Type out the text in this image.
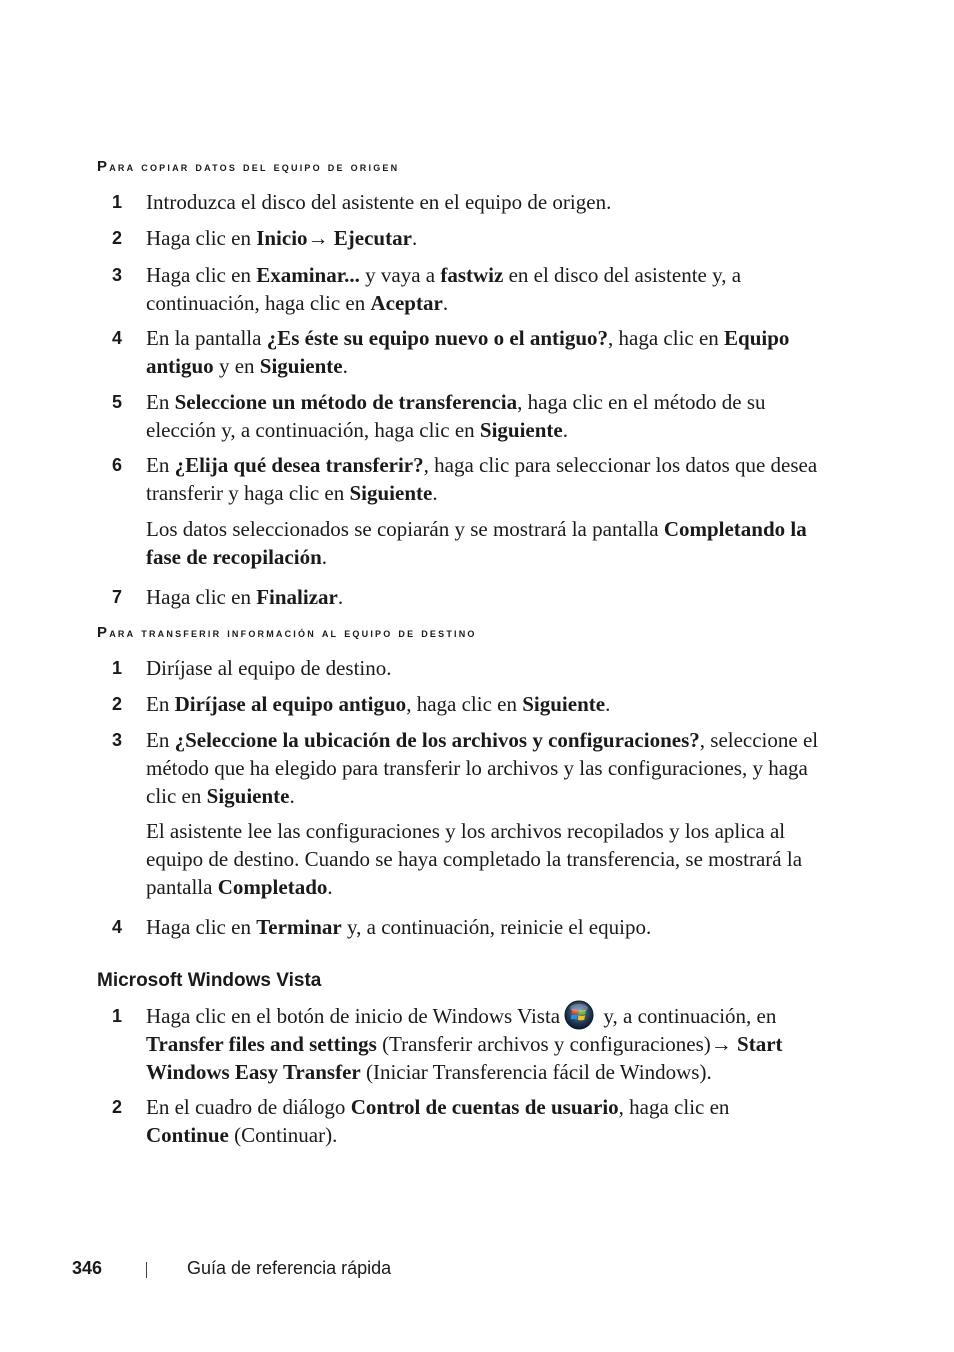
Para copiar datos del equipo de origen
1 Introduzca el disco del asistente en el equipo de origen.
2 Haga clic en Inicio→ Ejecutar.
3 Haga clic en Examinar... y vaya a fastwiz en el disco del asistente y, a continuación, haga clic en Aceptar.
4 En la pantalla ¿Es éste su equipo nuevo o el antiguo?, haga clic en Equipo antiguo y en Siguiente.
5 En Seleccione un método de transferencia, haga clic en el método de su elección y, a continuación, haga clic en Siguiente.
6 En ¿Elija qué desea transferir?, haga clic para seleccionar los datos que desea transferir y haga clic en Siguiente.
Los datos seleccionados se copiarán y se mostrará la pantalla Completando la fase de recopilación.
7 Haga clic en Finalizar.
Para transferir información al equipo de destino
1 Diríjase al equipo de destino.
2 En Diríjase al equipo antiguo, haga clic en Siguiente.
3 En ¿Seleccione la ubicación de los archivos y configuraciones?, seleccione el método que ha elegido para transferir lo archivos y las configuraciones, y haga clic en Siguiente.
El asistente lee las configuraciones y los archivos recopilados y los aplica al equipo de destino. Cuando se haya completado la transferencia, se mostrará la pantalla Completado.
4 Haga clic en Terminar y, a continuación, reinicie el equipo.
Microsoft Windows Vista
1 Haga clic en el botón de inicio de Windows Vista y, a continuación, en Transfer files and settings (Transferir archivos y configuraciones)→ Start Windows Easy Transfer (Iniciar Transferencia fácil de Windows).
2 En el cuadro de diálogo Control de cuentas de usuario, haga clic en Continue (Continuar).
346	Guía de referencia rápida
